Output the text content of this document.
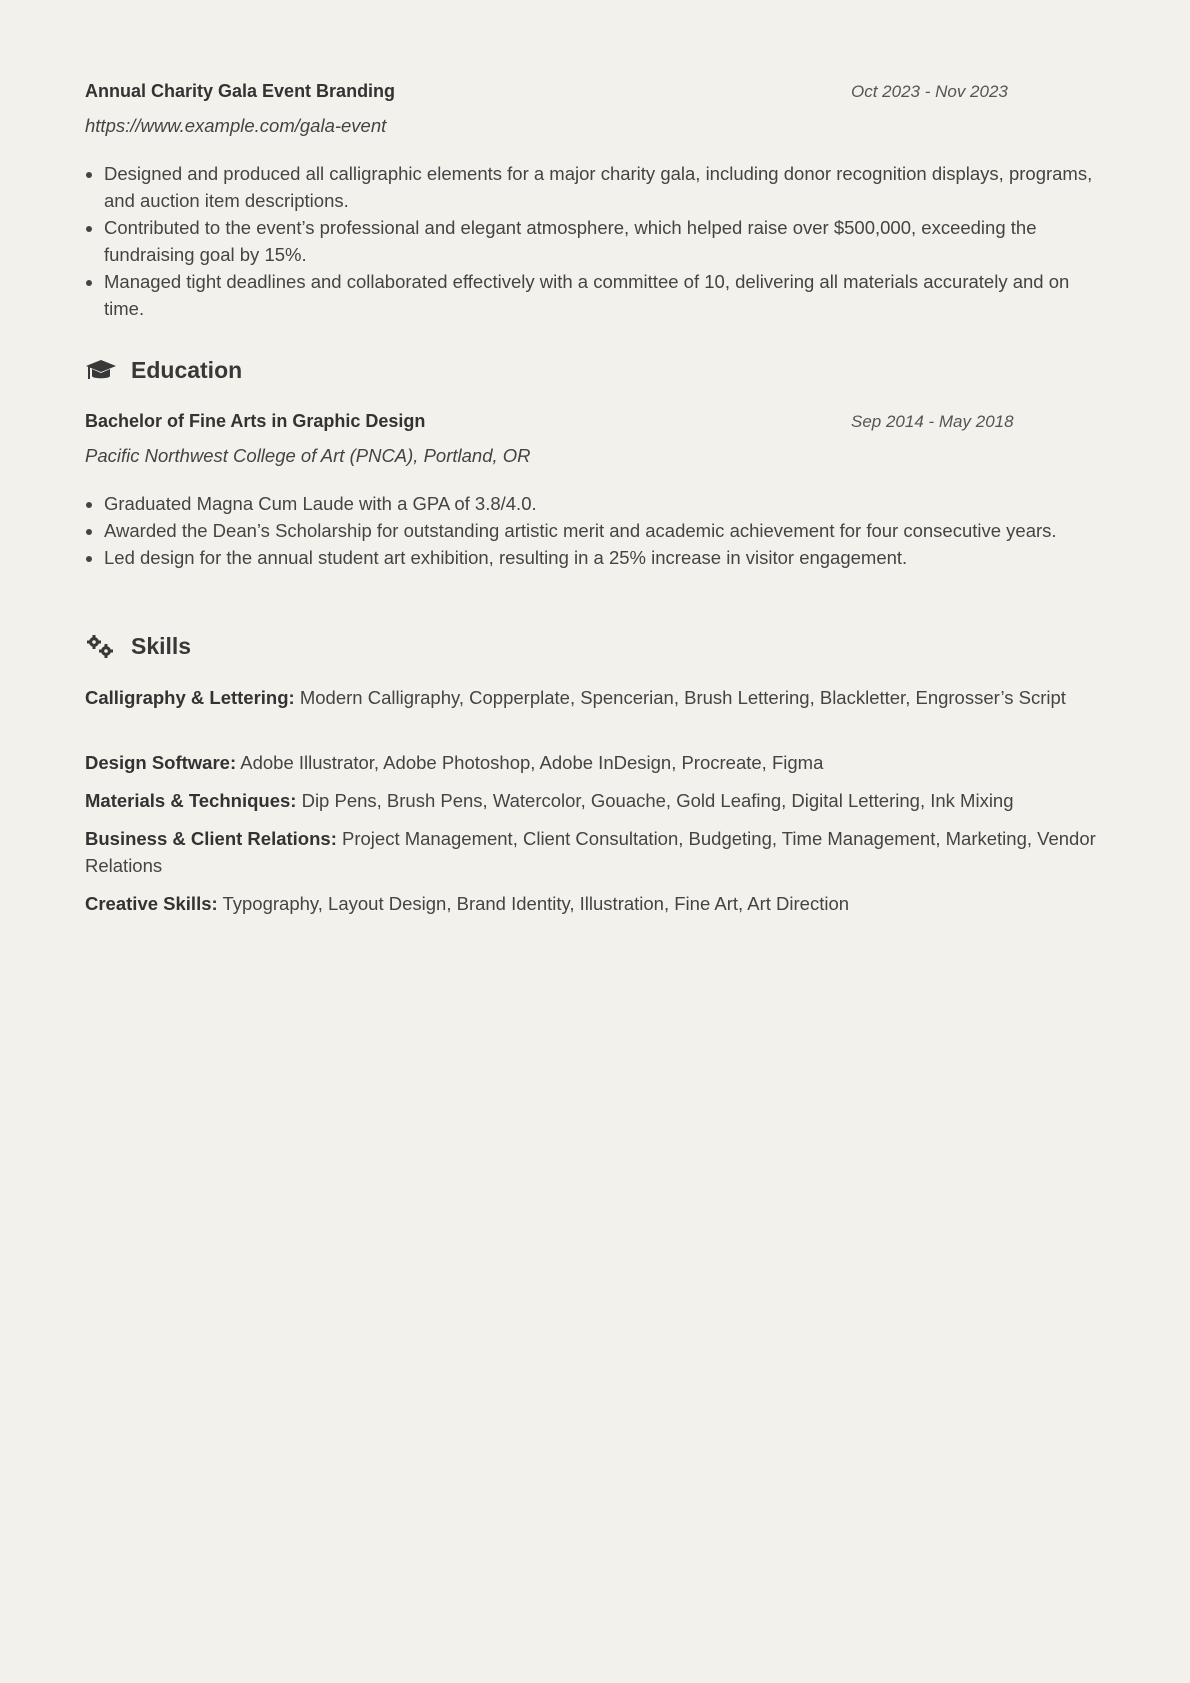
Annual Charity Gala Event Branding	Oct 2023 - Nov 2023
https://www.example.com/gala-event
• Designed and produced all calligraphic elements for a major charity gala, including donor recognition displays, programs, and auction item descriptions.
• Contributed to the event’s professional and elegant atmosphere, which helped raise over $500,000, exceeding the fundraising goal by 15%.
• Managed tight deadlines and collaborated effectively with a committee of 10, delivering all materials accurately and on time.
Education
Bachelor of Fine Arts in Graphic Design	Sep 2014 - May 2018
Pacific Northwest College of Art (PNCA), Portland, OR
• Graduated Magna Cum Laude with a GPA of 3.8/4.0.
• Awarded the Dean’s Scholarship for outstanding artistic merit and academic achievement for four consecutive years.
• Led design for the annual student art exhibition, resulting in a 25% increase in visitor engagement.
Skills
Calligraphy & Lettering: Modern Calligraphy, Copperplate, Spencerian, Brush Lettering, Blackletter, Engrosser’s Script
Design Software: Adobe Illustrator, Adobe Photoshop, Adobe InDesign, Procreate, Figma
Materials & Techniques: Dip Pens, Brush Pens, Watercolor, Gouache, Gold Leafing, Digital Lettering, Ink Mixing
Business & Client Relations: Project Management, Client Consultation, Budgeting, Time Management, Marketing, Vendor Relations
Creative Skills: Typography, Layout Design, Brand Identity, Illustration, Fine Art, Art Direction
